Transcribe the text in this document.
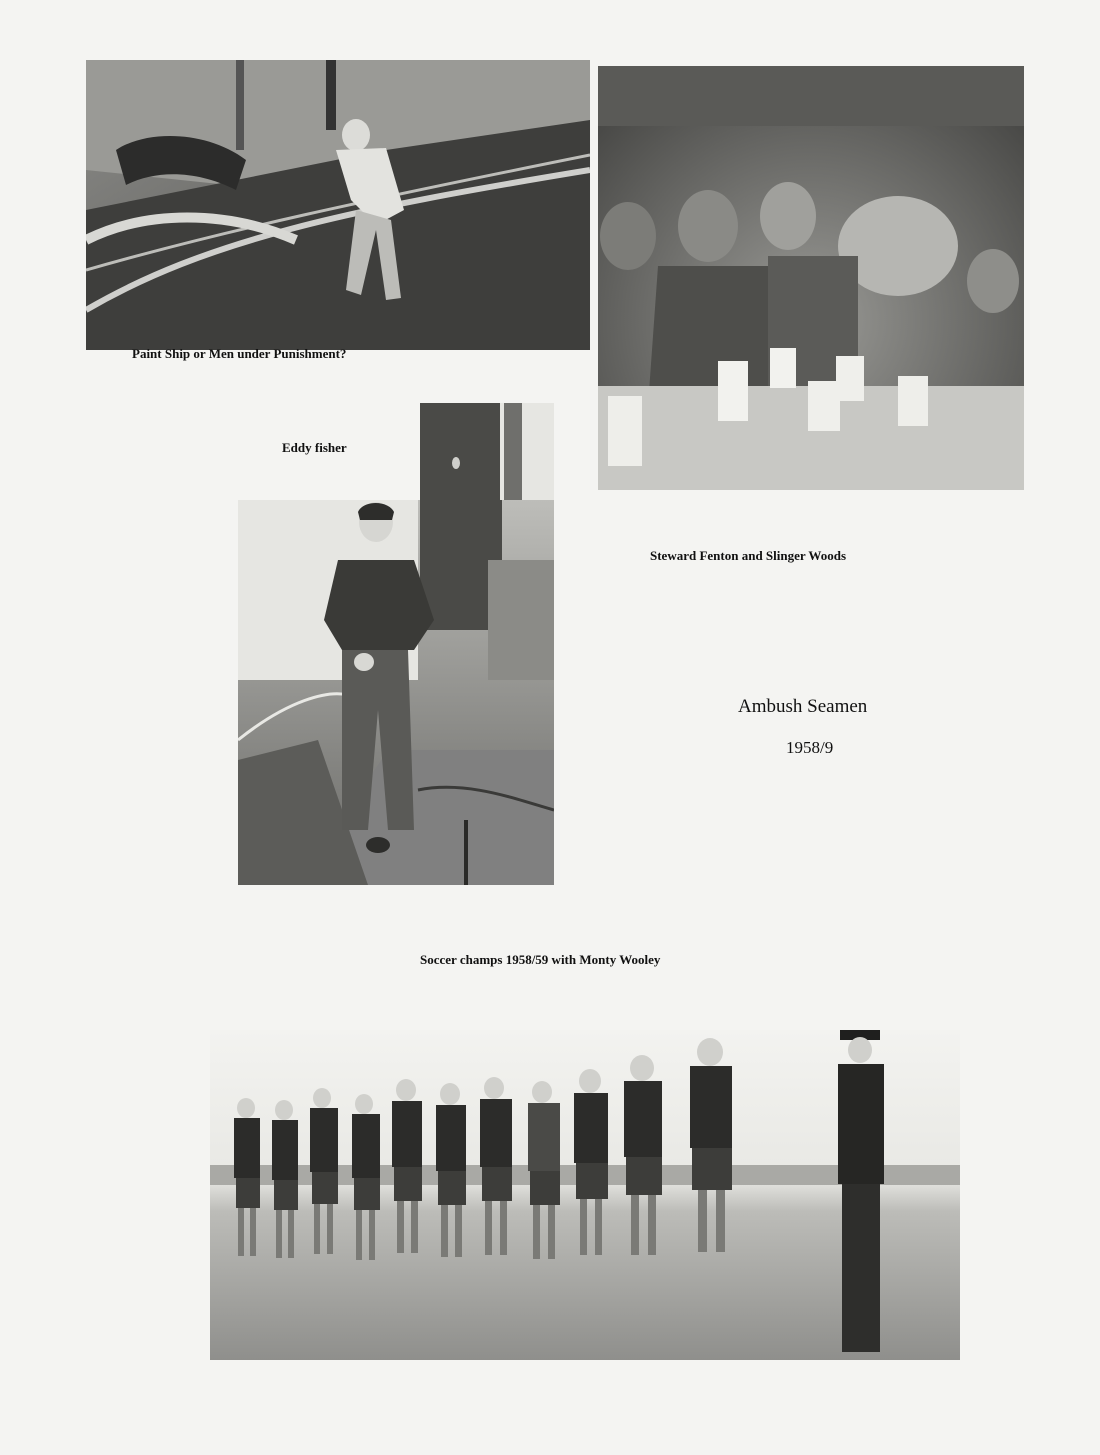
Paint Ship or Men under Punishment?
Steward Fenton and Slinger Woods
Eddy fisher
Ambush Seamen
1958/9
Soccer champs 1958/59 with Monty Wooley
